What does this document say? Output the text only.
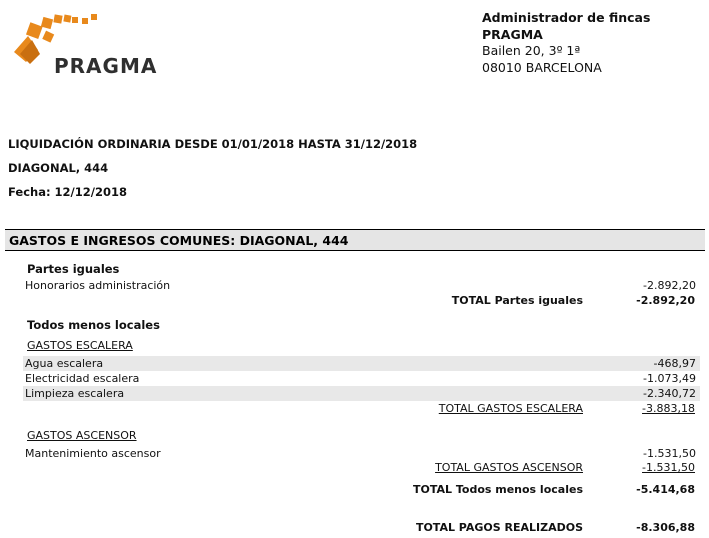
PRAGMA
Administrador de fincas
PRAGMA
Bailen 20, 3º 1ª
08010 BARCELONA
LIQUIDACIÓN ORDINARIA DESDE 01/01/2018 HASTA 31/12/2018
DIAGONAL, 444
Fecha: 12/12/2018
GASTOS E INGRESOS COMUNES: DIAGONAL, 444
Partes iguales
Honorarios administración	-2.892,20
TOTAL Partes iguales	-2.892,20
Todos menos locales
GASTOS ESCALERA
Agua escalera	-468,97
Electricidad escalera	-1.073,49
Limpieza escalera	-2.340,72
TOTAL GASTOS ESCALERA	-3.883,18
GASTOS ASCENSOR
Mantenimiento ascensor	-1.531,50
TOTAL GASTOS ASCENSOR	-1.531,50
TOTAL Todos menos locales	-5.414,68
TOTAL PAGOS REALIZADOS	-8.306,88
